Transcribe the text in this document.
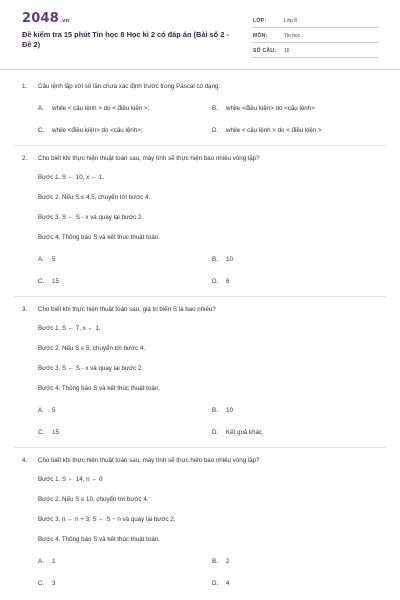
2048.vn
Đề kiểm tra 15 phút Tin học 8 Học kì 2 có đáp án (Bài số 2 - Đề 2)
LỚP:	Lớp 8
MÔN:	Tin học
SỐ CÂU: 10
1. Câu lệnh lặp với số lần chưa xác định trước trong Pascal có dạng:
A. while < câu lệnh > do < điều kiện >;	B. while <điều kiện> do <câu lệnh>
C. while <điều kiện> do <câu lệnh>;	D. while < câu lệnh > do < điều kiện >
2. Cho biết khi thực hiện thuật toán sau, máy tính sẽ thực hiện bao nhiêu vòng lặp?
Bước 1. S ← 10, x ← 1.
Bước 2. Nếu S ≤ 4.5, chuyển tới bước 4.
Bước 3. S ← S - x và quay lại bước 2.
Bước 4. Thông báo S và kết thúc thuật toán.
A. 5	B. 10
C. 15	D. 6
3. Cho biết khi thực hiện thuật toán sau, giá trị biến S là bao nhiêu?
Bước 1. S ← 7, x ← 1.
Bước 2. Nếu S ≤ 5, chuyển tới bước 4.
Bước 3. S ← S - x và quay lại bước 2.
Bước 4. Thông báo S và kết thúc thuật toán.
A. 5	B. 10
C. 15	D. Kết quả khác
4. Cho biết khi thực hiện thuật toán sau, máy tính sẽ thực hiện bao nhiêu vòng lặp?
Bước 1. S ← 14, n ← 0
Bước 2. Nếu S ≤ 10, chuyển tới bước 4.
Bước 3. n ← n + 3, S ← S − n và quay lại bước 2.
Bước 4. Thông báo S và kết thúc thuật toán.
A. 1	B. 2
C. 3	D. 4
